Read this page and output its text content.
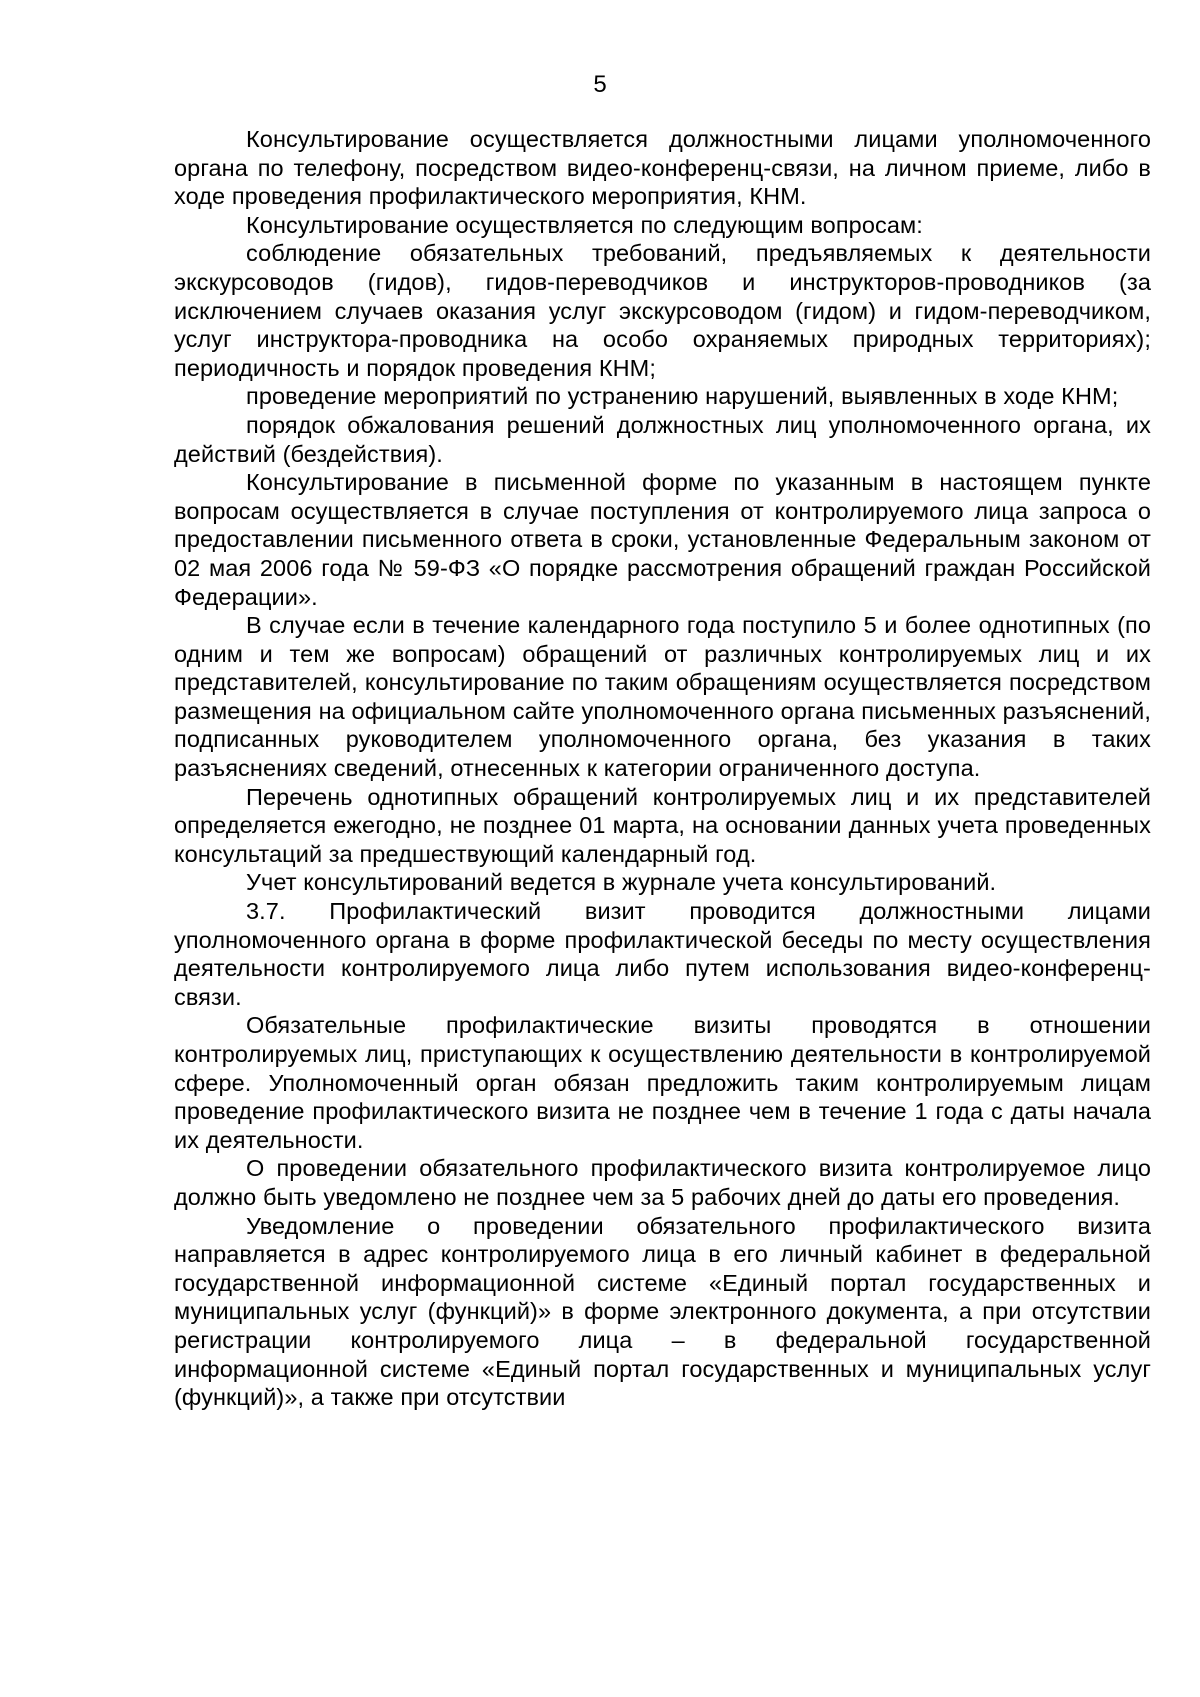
5

Консультирование осуществляется должностными лицами уполномоченного органа по телефону, посредством видео-конференц-связи, на личном приеме, либо в ходе проведения профилактического мероприятия, КНМ.

Консультирование осуществляется по следующим вопросам:

соблюдение обязательных требований, предъявляемых к деятельности экскурсоводов (гидов), гидов-переводчиков и инструкторов-проводников (за исключением случаев оказания услуг экскурсоводом (гидом) и гидом-переводчиком, услуг инструктора-проводника на особо охраняемых природных территориях); периодичность и порядок проведения КНМ;

проведение мероприятий по устранению нарушений, выявленных в ходе КНМ;

порядок обжалования решений должностных лиц уполномоченного органа, их действий (бездействия).

Консультирование в письменной форме по указанным в настоящем пункте вопросам осуществляется в случае поступления от контролируемого лица запроса о предоставлении письменного ответа в сроки, установленные Федеральным законом от 02 мая 2006 года № 59-ФЗ «О порядке рассмотрения обращений граждан Российской Федерации».

В случае если в течение календарного года поступило 5 и более однотипных (по одним и тем же вопросам) обращений от различных контролируемых лиц и их представителей, консультирование по таким обращениям осуществляется посредством размещения на официальном сайте уполномоченного органа письменных разъяснений, подписанных руководителем уполномоченного органа, без указания в таких разъяснениях сведений, отнесенных к категории ограниченного доступа.

Перечень однотипных обращений контролируемых лиц и их представителей определяется ежегодно, не позднее 01 марта, на основании данных учета проведенных консультаций за предшествующий календарный год.

Учет консультирований ведется в журнале учета консультирований.

3.7. Профилактический визит проводится должностными лицами уполномоченного органа в форме профилактической беседы по месту осуществления деятельности контролируемого лица либо путем использования видео-конференц-связи.

Обязательные профилактические визиты проводятся в отношении контролируемых лиц, приступающих к осуществлению деятельности в контролируемой сфере. Уполномоченный орган обязан предложить таким контролируемым лицам проведение профилактического визита не позднее чем в течение 1 года с даты начала их деятельности.

О проведении обязательного профилактического визита контролируемое лицо должно быть уведомлено не позднее чем за 5 рабочих дней до даты его проведения.

Уведомление о проведении обязательного профилактического визита направляется в адрес контролируемого лица в его личный кабинет в федеральной государственной информационной системе «Единый портал государственных и муниципальных услуг (функций)» в форме электронного документа, а при отсутствии регистрации контролируемого лица – в федеральной государственной информационной системе «Единый портал государственных и муниципальных услуг (функций)», а также при отсутствии
